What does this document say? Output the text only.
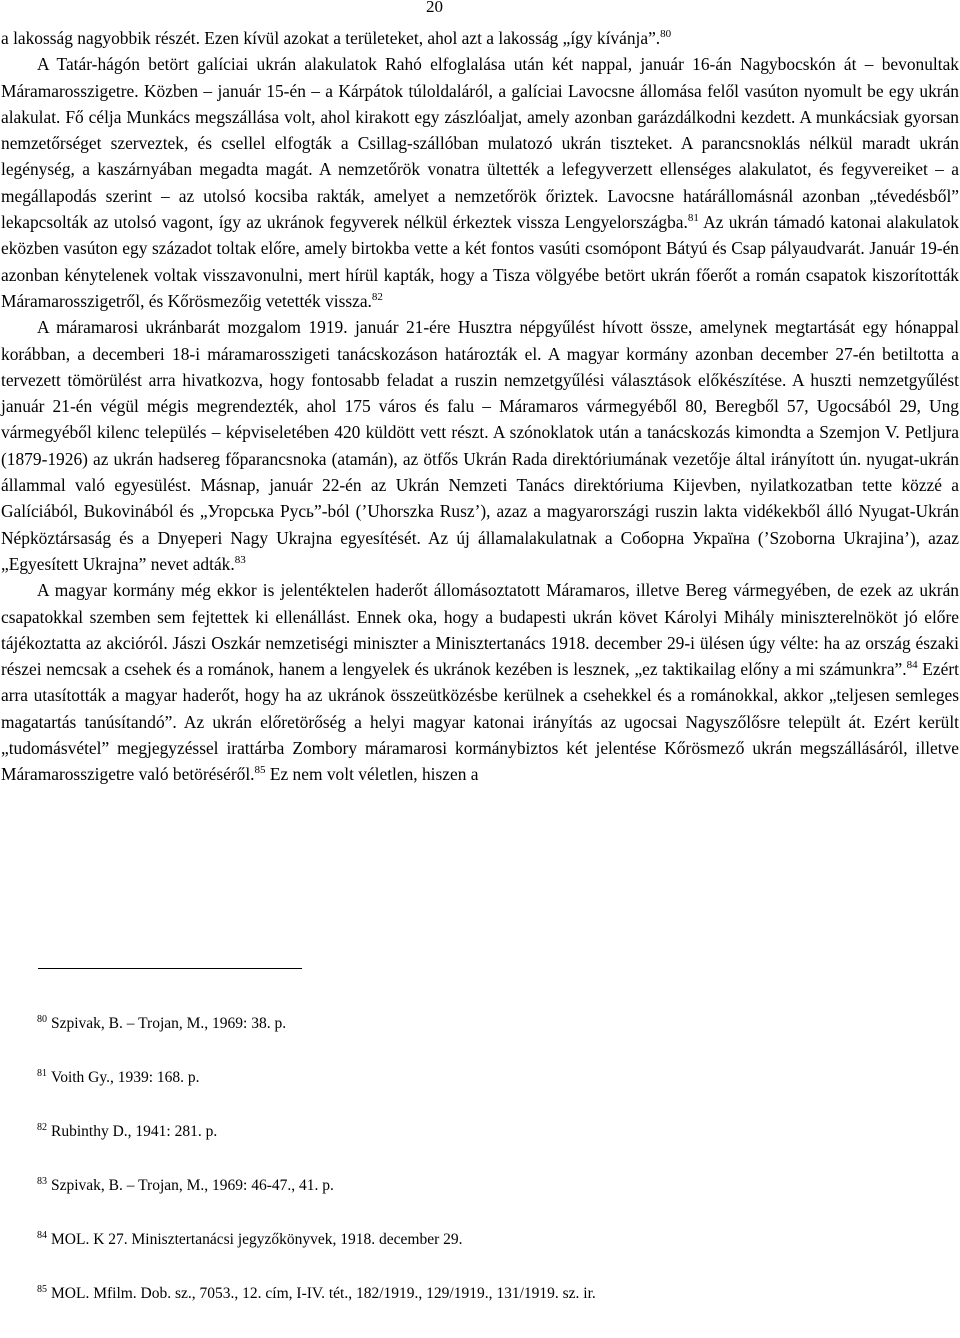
20

a lakosság nagyobbik részét. Ezen kívül azokat a területeket, ahol azt a lakosság „így kívánja”.$^{80}$

A Tatár-hágón betört galíciai ukrán alakulatok Rahó elfoglalása után két nappal, január 16-án Nagybocskón át – bevonultak Máramarosszigetre. Közben – január 15-én – a Kárpátok túloldaláról, a galíciai Lavocsne állomása felől vasúton nyomult be egy ukrán alakulat. Fő célja Munkács megszállása volt, ahol kirakott egy zászlóaljat, amely azonban garázdálkodni kezdett. A munkácsiak gyorsan nemzetőrséget szerveztek, és csellel elfogták a Csillag-szállóban mulatozó ukrán tiszteket. A parancsnoklás nélkül maradt ukrán legénység, a kaszárnyában megadta magát. A nemzetőrök vonatra ültették a lefegyverzett ellenséges alakulatot, és fegyvereiket – a megállapodás szerint – az utolsó kocsiba rakták, amelyet a nemzetőrök őriztek. Lavocsne határállomásnál azonban „tévedésből” lekapcsolták az utolsó vagont, így az ukránok fegyverek nélkül érkeztek vissza Lengyelországba.$^{81}$ Az ukrán támadó katonai alakulatok eközben vasúton egy századot toltak előre, amely birtokba vette a két fontos vasúti csomópont Bátyú és Csap pályaudvarát. Január 19-én azonban kénytelenek voltak visszavonulni, mert hírül kapták, hogy a Tisza völgyébe betört ukrán főerőt a román csapatok kiszorították Máramarosszigetről, és Kőrösmezőig vetették vissza.$^{82}$

A máramarosi ukránbarát mozgalom 1919. január 21-ére Husztra népgyűlést hívott össze, amelynek megtartását egy hónappal korábban, a decemberi 18-i máramarosszigeti tanácskozáson határozták el. A magyar kormány azonban december 27-én betiltotta a tervezett tömörülést arra hivatkozva, hogy fontosabb feladat a ruszin nemzetgyűlési választások előkészítése. A huszti nemzetgyűlést január 21-én végül mégis megrendezték, ahol 175 város és falu – Máramaros vármegyéből 80, Beregből 57, Ugocsából 29, Ung vármegyéből kilenc település – képviseletében 420 küldött vett részt. A szónoklatok után a tanácskozás kimondta a Szemjon V. Petljura (1879-1926) az ukrán hadsereg főparancsnoka (atamán), az ötfős Ukrán Rada direktóriumának vezetője által irányított ún. nyugat-ukrán állammal való egyesülést. Másnap, január 22-én az Ukrán Nemzeti Tanács direktóriuma Kijevben, nyilatkozatban tette közzé a Galíciából, Bukovinából és „Угорська Русь”-ból (’Uhorszka Rusz’), azaz a magyarországi ruszin lakta vidékekből álló Nyugat-Ukrán Népköztársaság és a Dnyeperi Nagy Ukrajna egyesítését. Az új államalakulatnak a Соборна Україна (’Szoborna Ukrajina’), azaz „Egyesített Ukrajna” nevet adták.$^{83}$

A magyar kormány még ekkor is jelentéktelen haderőt állomásoztatott Máramaros, illetve Bereg vármegyében, de ezek az ukrán csapatokkal szemben sem fejtettek ki ellenállást. Ennek oka, hogy a budapesti ukrán követ Károlyi Mihály miniszterelnököt jó előre tájékoztatta az akcióról. Jászi Oszkár nemzetiségi miniszter a Minisztertanács 1918. december 29-i ülésen úgy vélte: ha az ország északi részei nemcsak a csehek és a románok, hanem a lengyelek és ukránok kezében is lesznek, „ez taktikailag előny a mi számunkra”.$^{84}$ Ezért arra utasították a magyar haderőt, hogy ha az ukránok összeütközésbe kerülnek a csehekkel és a románokkal, akkor „teljesen semleges magatartás tanúsítandó”. Az ukrán előretörőség a helyi magyar katonai irányítás az ugocsai Nagyszőlősre települt át. Ezért került „tudomásvétel” megjegyzéssel irattárba Zombory máramarosi kormánybiztos két jelentése Kőrösmező ukrán megszállásáról, illetve Máramarosszigetre való betöréséről.$^{85}$ Ez nem volt véletlen, hiszen a

$^{80}$ Szpivak, B. – Trojan, M., 1969: 38. p.
$^{81}$ Voith Gy., 1939: 168. p.
$^{82}$ Rubinthy D., 1941: 281. p.
$^{83}$ Szpivak, B. – Trojan, M., 1969: 46-47., 41. p.
$^{84}$ MOL. K 27. Minisztertanácsi jegyzőkönyvek, 1918. december 29.
$^{85}$ MOL. Mfilm. Dob. sz., 7053., 12. cím, I-IV. tét., 182/1919., 129/1919., 131/1919. sz. ir.
